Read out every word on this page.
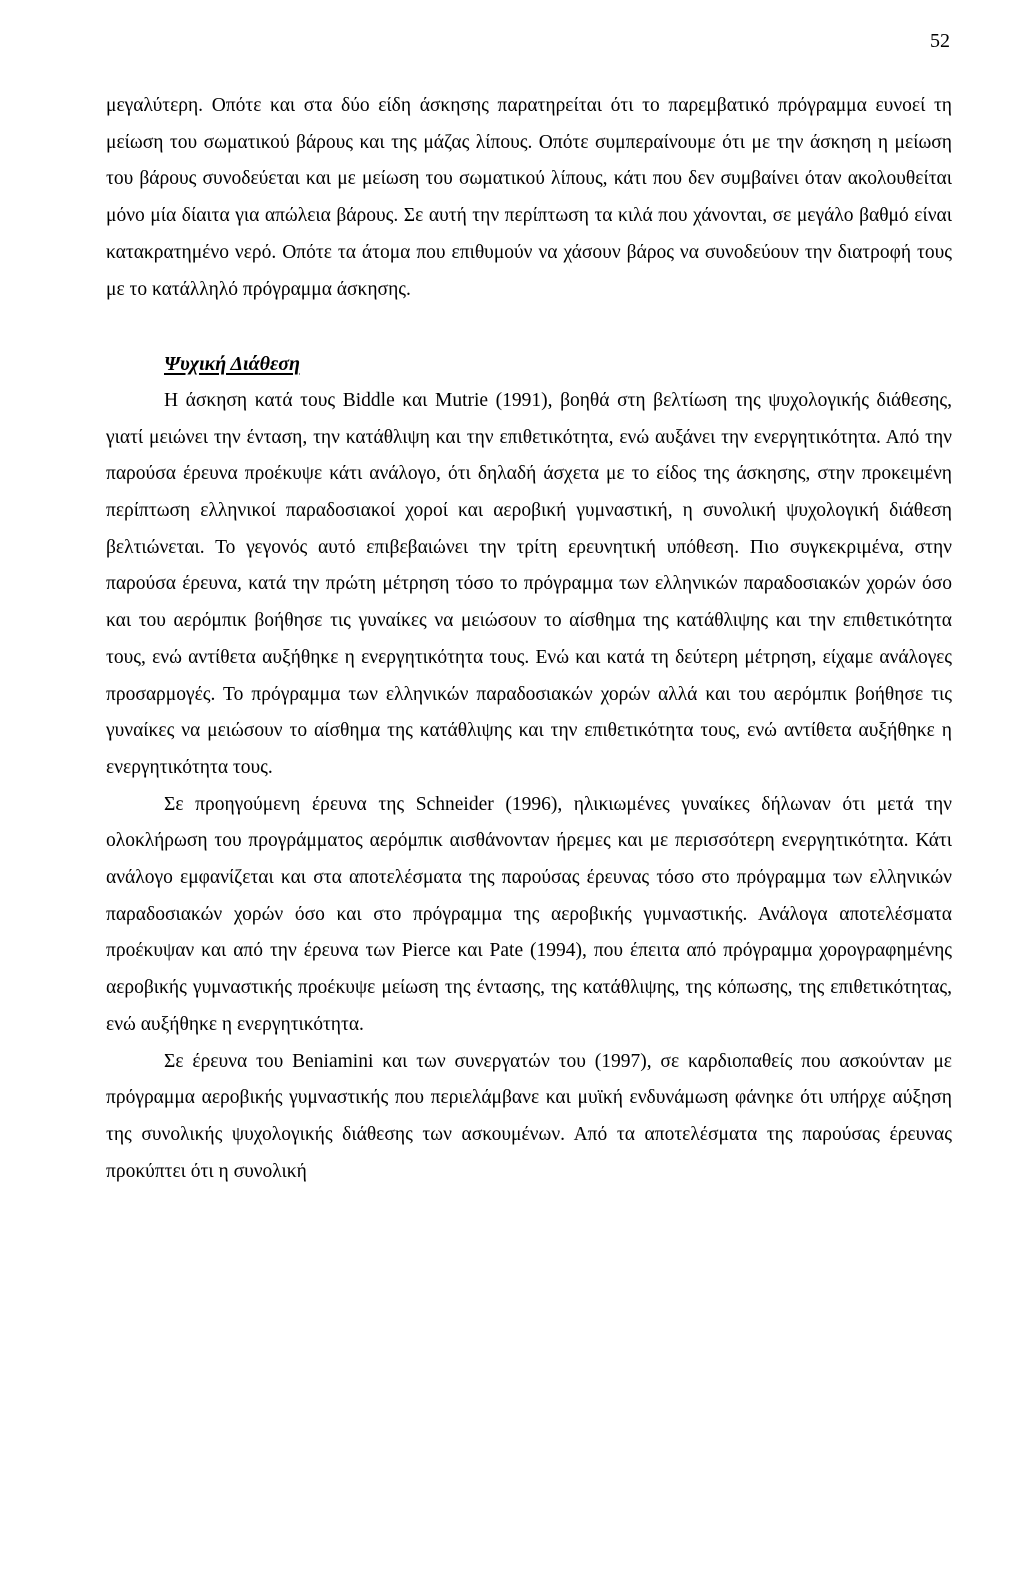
52

μεγαλύτερη. Οπότε και στα δύο είδη άσκησης παρατηρείται ότι το παρεμβατικό πρόγραμμα ευνοεί τη μείωση του σωματικού βάρους και της μάζας λίπους. Οπότε συμπεραίνουμε ότι με την άσκηση η μείωση του βάρους συνοδεύεται και με μείωση του σωματικού λίπους, κάτι που δεν συμβαίνει όταν ακολουθείται μόνο μία δίαιτα για απώλεια βάρους. Σε αυτή την περίπτωση τα κιλά που χάνονται, σε μεγάλο βαθμό είναι κατακρατημένο νερό. Οπότε τα άτομα που επιθυμούν να χάσουν βάρος να συνοδεύουν την διατροφή τους με το κατάλληλό πρόγραμμα άσκησης.

Ψυχική Διάθεση

Η άσκηση κατά τους Biddle και Mutrie (1991), βοηθά στη βελτίωση της ψυχολογικής διάθεσης, γιατί μειώνει την ένταση, την κατάθλιψη και την επιθετικότητα, ενώ αυξάνει την ενεργητικότητα. Από την παρούσα έρευνα προέκυψε κάτι ανάλογο, ότι δηλαδή άσχετα με το είδος της άσκησης, στην προκειμένη περίπτωση ελληνικοί παραδοσιακοί χοροί και αεροβική γυμναστική, η συνολική ψυχολογική διάθεση βελτιώνεται. Το γεγονός αυτό επιβεβαιώνει την τρίτη ερευνητική υπόθεση. Πιο συγκεκριμένα, στην παρούσα έρευνα, κατά την πρώτη μέτρηση τόσο το πρόγραμμα των ελληνικών παραδοσιακών χορών όσο και του αερόμπικ βοήθησε τις γυναίκες να μειώσουν το αίσθημα της κατάθλιψης και την επιθετικότητα τους, ενώ αντίθετα αυξήθηκε η ενεργητικότητα τους. Ενώ και κατά τη δεύτερη μέτρηση, είχαμε ανάλογες προσαρμογές. Το πρόγραμμα των ελληνικών παραδοσιακών χορών αλλά και του αερόμπικ βοήθησε τις γυναίκες να μειώσουν το αίσθημα της κατάθλιψης και την επιθετικότητα τους, ενώ αντίθετα αυξήθηκε η ενεργητικότητα τους.

Σε προηγούμενη έρευνα της Schneider (1996), ηλικιωμένες γυναίκες δήλωναν ότι μετά την ολοκλήρωση του προγράμματος αερόμπικ αισθάνονταν ήρεμες και με περισσότερη ενεργητικότητα. Κάτι ανάλογο εμφανίζεται και στα αποτελέσματα της παρούσας έρευνας τόσο στο πρόγραμμα των ελληνικών παραδοσιακών χορών όσο και στο πρόγραμμα της αεροβικής γυμναστικής. Ανάλογα αποτελέσματα προέκυψαν και από την έρευνα των Pierce και Pate (1994), που έπειτα από πρόγραμμα χορογραφημένης αεροβικής γυμναστικής προέκυψε μείωση της έντασης, της κατάθλιψης, της κόπωσης, της επιθετικότητας, ενώ αυξήθηκε η ενεργητικότητα.

Σε έρευνα του Beniamini και των συνεργατών του (1997), σε καρδιοπαθείς που ασκούνταν με πρόγραμμα αεροβικής γυμναστικής που περιελάμβανε και μυϊκή ενδυνάμωση φάνηκε ότι υπήρχε αύξηση της συνολικής ψυχολογικής διάθεσης των ασκουμένων. Από τα αποτελέσματα της παρούσας έρευνας προκύπτει ότι η συνολική
